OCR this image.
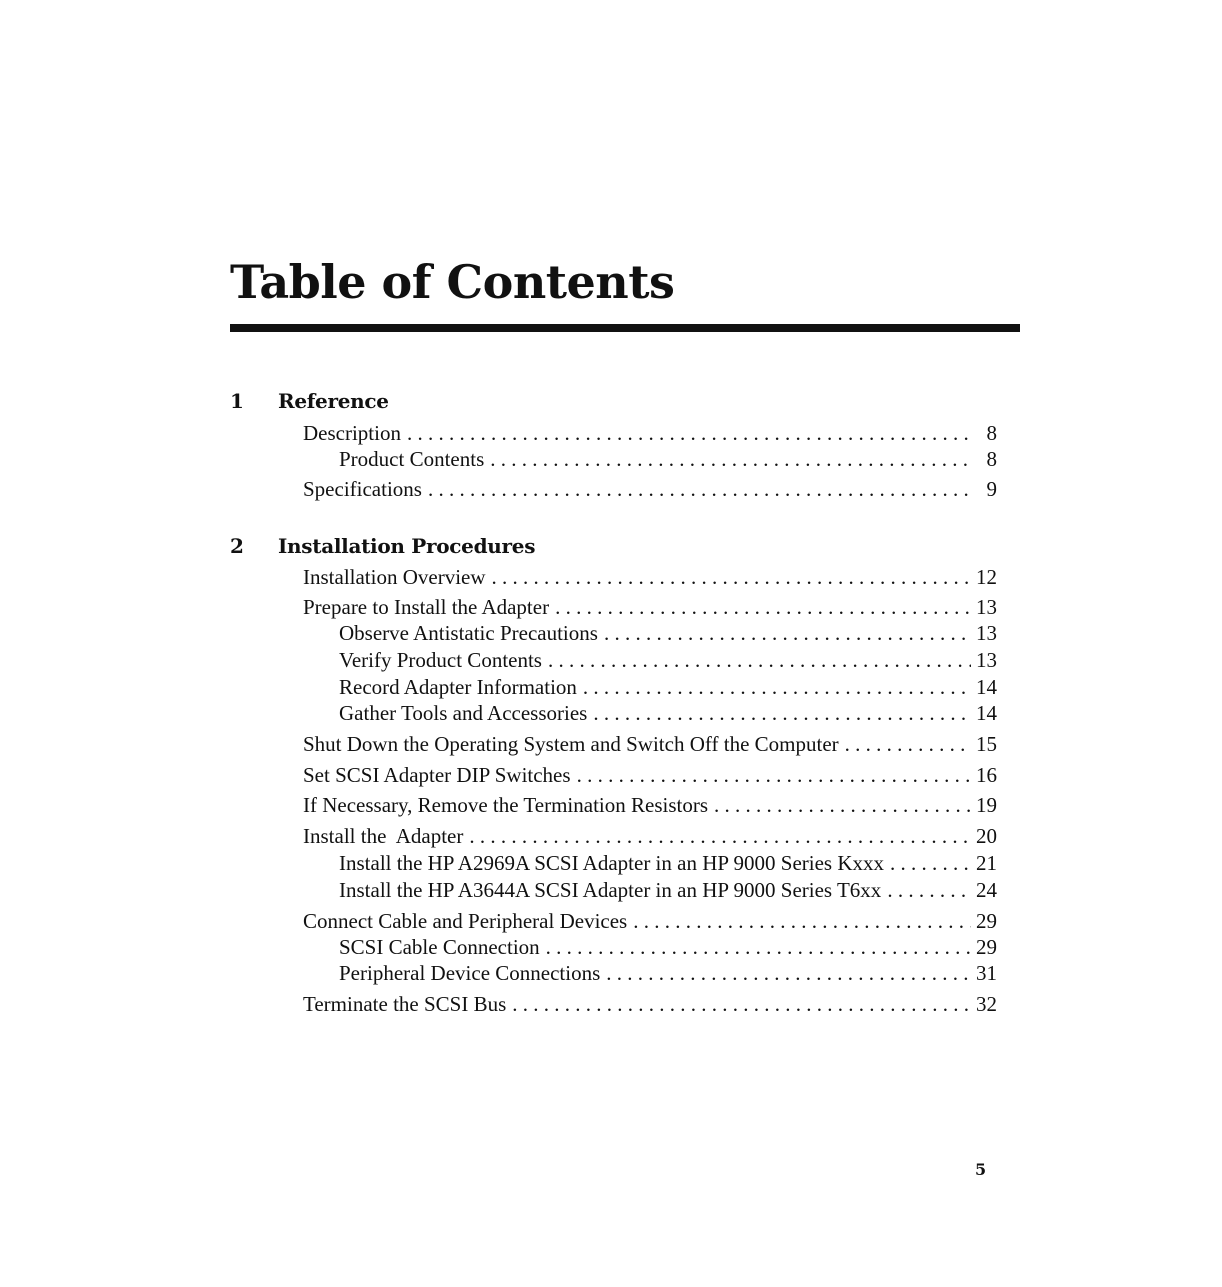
Table of Contents
1 Reference
Description . . .	8
Product Contents . . .	8
Specifications . . .	9
2 Installation Procedures
Installation Overview . . .	12
Prepare to Install the Adapter . . .	13
Observe Antistatic Precautions . . .	13
Verify Product Contents . . .	13
Record Adapter Information . . .	14
Gather Tools and Accessories . . .	14
Shut Down the Operating System and Switch Off the Computer . . .	15
Set SCSI Adapter DIP Switches . . .	16
If Necessary, Remove the Termination Resistors . . .	19
Install the  Adapter . . .	20
Install the HP A2969A SCSI Adapter in an HP 9000 Series Kxxx . . .	21
Install the HP A3644A SCSI Adapter in an HP 9000 Series T6xx . . .	24
Connect Cable and Peripheral Devices . . .	29
SCSI Cable Connection . . .	29
Peripheral Device Connections . . .	31
Terminate the SCSI Bus . . .	32
5
